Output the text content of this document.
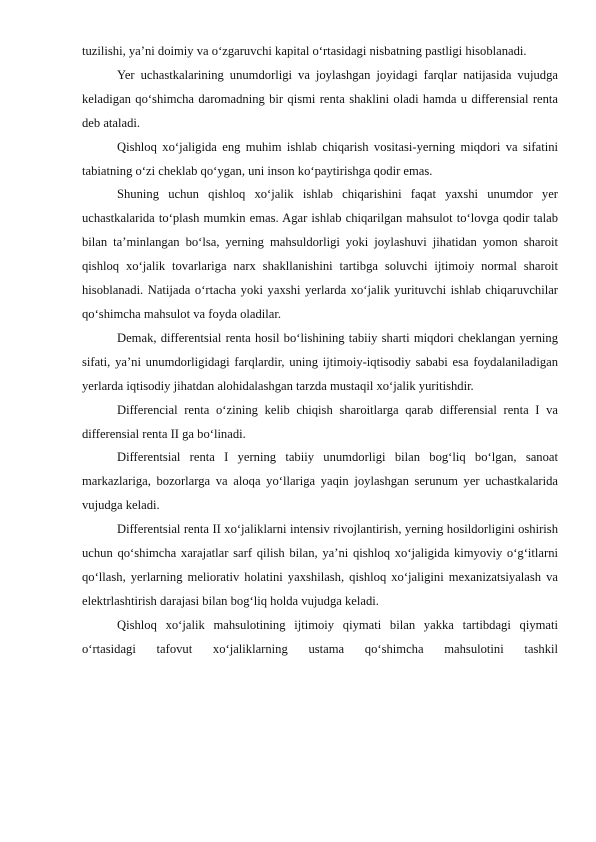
tuzilishi, ya’ni doimiy va o‘zgaruvchi kapital o‘rtasidagi nisbatning pastligi hisoblanadi.

Yer uchastkalarining unumdorligi va joylashgan joyidagi farqlar natijasida vujudga keladigan qo‘shimcha daromadning bir qismi renta shaklini oladi hamda u differensial renta deb ataladi.

Qishloq xo‘jaligida eng muhim ishlab chiqarish vositasi-yerning miqdori va sifatini tabiatning o‘zi cheklab qo‘ygan, uni inson ko‘paytirishga qodir emas.

Shuning uchun qishloq xo‘jalik ishlab chiqarishini faqat yaxshi unumdor yer uchastkalarida to‘plash mumkin emas. Agar ishlab chiqarilgan mahsulot to‘lovga qodir talab bilan ta’minlangan bo‘lsa, yerning mahsuldorligi yoki joylashuvi jihatidan yomon sharoit qishloq xo‘jalik tovarlariga narx shakllanishini tartibga soluvchi ijtimoiy normal sharoit hisoblanadi. Natijada o‘rtacha yoki yaxshi yerlarda xo‘jalik yurituvchi ishlab chiqaruvchilar qo‘shimcha mahsulot va foyda oladilar.

Demak, differentsial renta hosil bo‘lishining tabiiy sharti miqdori cheklangan yerning sifati, ya’ni unumdorligidagi farqlardir, uning ijtimoiy-iqtisodiy sababi esa foydalaniladigan yerlarda iqtisodiy jihatdan alohidalashgan tarzda mustaqil xo‘jalik yuritishdir.

Differencial renta o‘zining kelib chiqish sharoitlarga qarab differensial renta I va differensial renta II ga bo‘linadi.

Differentsial renta I yerning tabiiy unumdorligi bilan bog‘liq bo‘lgan, sanoat markazlariga, bozorlarga va aloqa yo‘llariga yaqin joylashgan serunum yer uchastkalarida vujudga keladi.

Differentsial renta II xo‘jaliklarni intensiv rivojlantirish, yerning hosildorligini oshirish uchun qo‘shimcha xarajatlar sarf qilish bilan, ya’ni qishloq xo‘jaligida kimyoviy o‘g‘itlarni qo‘llash, yerlarning meliorativ holatini yaxshilash, qishloq xo‘jaligini mexanizatsiyalash va elektrlashtirish darajasi bilan bog‘liq holda vujudga keladi.

Qishloq xo‘jalik mahsulotining ijtimoiy qiymati bilan yakka tartibdagi qiymati o‘rtasidagi tafovut xo‘jaliklarning ustama qo‘shimcha mahsulotini tashkil
